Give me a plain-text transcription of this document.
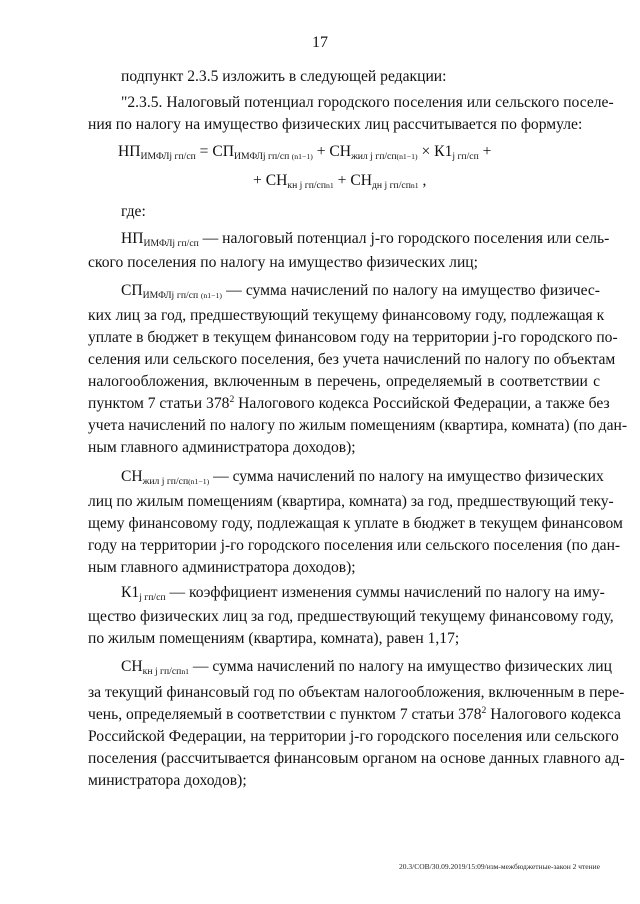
17
подпункт 2.3.5 изложить в следующей редакции:
"2.3.5. Налоговый потенциал городского поселения или сельского поселе-
ния по налогу на имущество физических лиц рассчитывается по формуле:
$НП_{ИМФЛj гп/сп} = СП_{ИМФЛj гп/сп (n1-1)} + СН_{жил j гп/сп(n1-1)} \times К1_{j гп/сп}$ +
+ $СН_{кн j гп/спn1} + СН_{дн j гп/спn1}$ ,
где:
$НП_{ИМФЛj гп/сп}$ — налоговый потенциал j-го городского поселения или сель-
ского поселения по налогу на имущество физических лиц;
$СП_{ИМФЛj гп/сп (n1-1)}$ — сумма начислений по налогу на имущество физичес-
ких лиц за год, предшествующий текущему финансовому году, подлежащая к
уплате в бюджет в текущем финансовом году на территории j-го городского по-
селения или сельского поселения, без учета начислений по налогу по объектам
налогообложения, включенным в перечень, определяемый в соответствии с
пунктом 7 статьи $378^2$ Налогового кодекса Российской Федерации, а также без
учета начислений по налогу по жилым помещениям (квартира, комната) (по дан-
ным главного администратора доходов);
$СН_{жил j гп/сп(n1-1)}$ — сумма начислений по налогу на имущество физических
лиц по жилым помещениям (квартира, комната) за год, предшествующий теку-
щему финансовому году, подлежащая к уплате в бюджет в текущем финансовом
году на территории j-го городского поселения или сельского поселения (по дан-
ным главного администратора доходов);
$К1_{j гп/сп}$ — коэффициент изменения суммы начислений по налогу на иму-
щество физических лиц за год, предшествующий текущему финансовому году,
по жилым помещениям (квартира, комната), равен 1,17;
$СН_{кн j гп/спn1}$ — сумма начислений по налогу на имущество физических лиц
за текущий финансовый год по объектам налогообложения, включенным в пере-
чень, определяемый в соответствии с пунктом 7 статьи $378^2$ Налогового кодекса
Российской Федерации, на территории j-го городского поселения или сельского
поселения (рассчитывается финансовым органом на основе данных главного ад-
министратора доходов);
20.3/СОВ/30.09.2019/15:09/изм-межбюджетные-закон 2 чтение
